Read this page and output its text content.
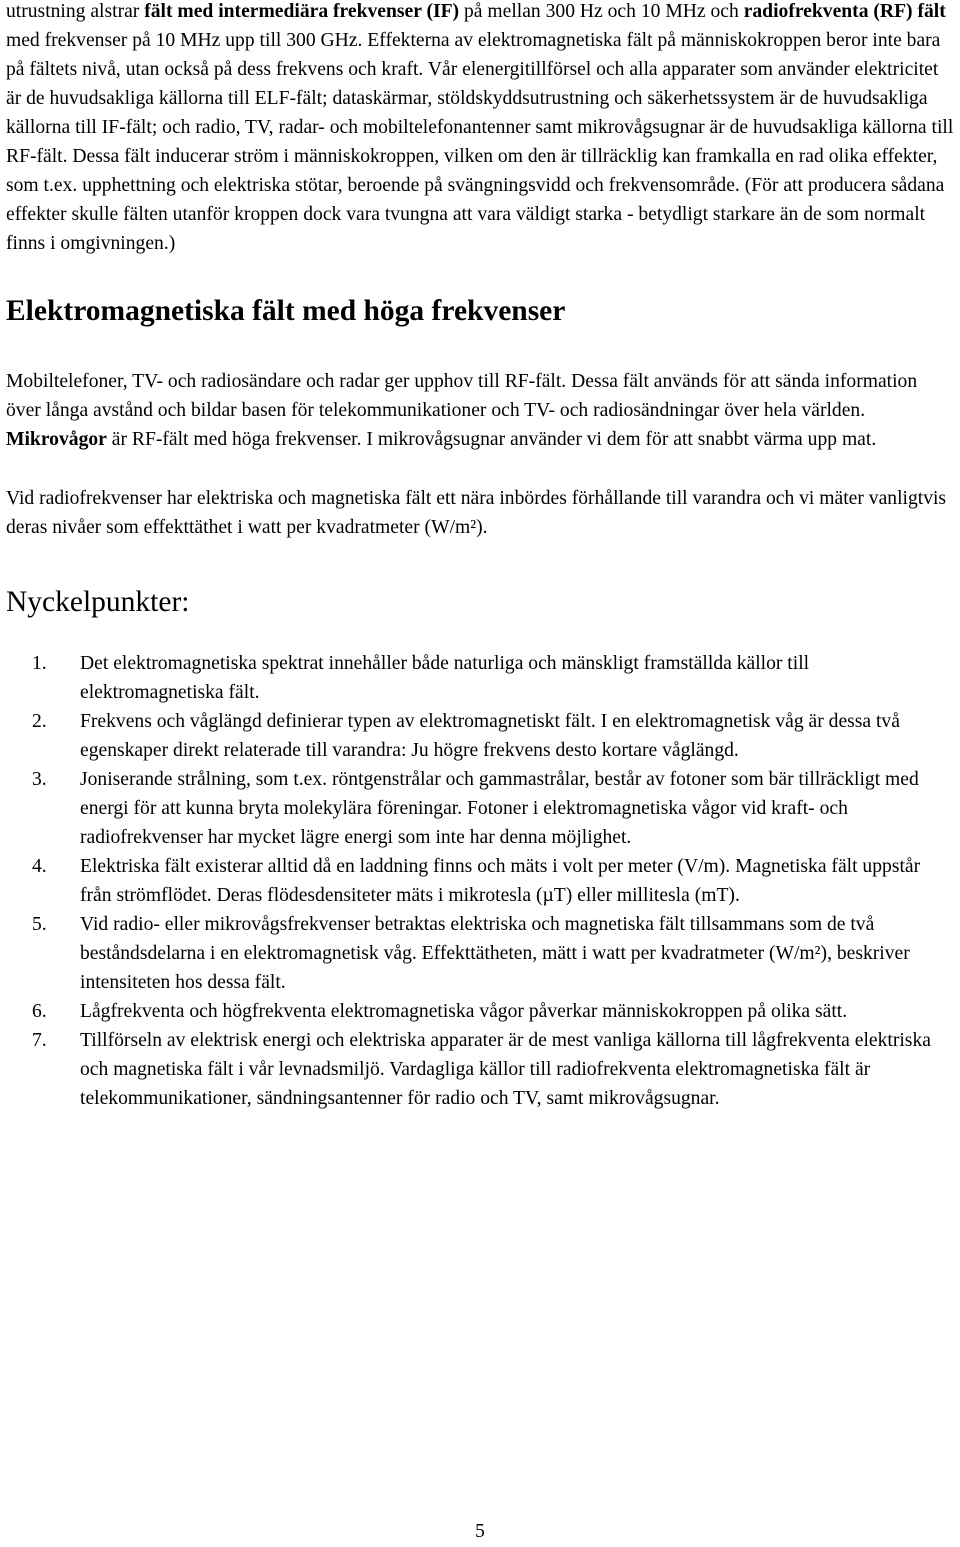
utrustning alstrar fält med intermediära frekvenser (IF) på mellan 300 Hz och 10 MHz och radiofrekventa (RF) fält med frekvenser på 10 MHz upp till 300 GHz. Effekterna av elektromagnetiska fält på människokroppen beror inte bara på fältets nivå, utan också på dess frekvens och kraft. Vår elenergitillförsel och alla apparater som använder elektricitet är de huvudsakliga källorna till ELF-fält; dataskärmar, stöldskyddsutrustning och säkerhetssystem är de huvudsakliga källorna till IF-fält; och radio, TV, radar- och mobiltelefonantenner samt mikrovågsugnar är de huvudsakliga källorna till RF-fält. Dessa fält inducerar ström i människokroppen, vilken om den är tillräcklig kan framkalla en rad olika effekter, som t.ex. upphettning och elektriska stötar, beroende på svängningsvidd och frekvensområde. (För att producera sådana effekter skulle fälten utanför kroppen dock vara tvungna att vara väldigt starka - betydligt starkare än de som normalt finns i omgivningen.)

Elektromagnetiska fält med höga frekvenser

Mobiltelefoner, TV- och radiosändare och radar ger upphov till RF-fält. Dessa fält används för att sända information över långa avstånd och bildar basen för telekommunikationer och TV- och radiosändningar över hela världen. Mikrovågor är RF-fält med höga frekvenser. I mikrovågsugnar använder vi dem för att snabbt värma upp mat.

Vid radiofrekvenser har elektriska och magnetiska fält ett nära inbördes förhållande till varandra och vi mäter vanligtvis deras nivåer som effekttäthet i watt per kvadratmeter (W/m²).

Nyckelpunkter:
1.	Det elektromagnetiska spektrat innehåller både naturliga och mänskligt framställda källor till elektromagnetiska fält.
2.	Frekvens och våglängd definierar typen av elektromagnetiskt fält. I en elektromagnetisk våg är dessa två egenskaper direkt relaterade till varandra: Ju högre frekvens desto kortare våglängd.
3.	Joniserande strålning, som t.ex. röntgenstrålar och gammastrålar, består av fotoner som bär tillräckligt med energi för att kunna bryta molekylära föreningar. Fotoner i elektromagnetiska vågor vid kraft- och radiofrekvenser har mycket lägre energi som inte har denna möjlighet.
4.	Elektriska fält existerar alltid då en laddning finns och mäts i volt per meter (V/m). Magnetiska fält uppstår från strömflödet. Deras flödesdensiteter mäts i mikrotesla (µT) eller millitesla (mT).
5.	Vid radio- eller mikrovågsfrekvenser betraktas elektriska och magnetiska fält tillsammans som de två beståndsdelarna i en elektromagnetisk våg. Effekttätheten, mätt i watt per kvadratmeter (W/m²), beskriver intensiteten hos dessa fält.
6.	Lågfrekventa och högfrekventa elektromagnetiska vågor påverkar människokroppen på olika sätt.
7.	Tillförseln av elektrisk energi och elektriska apparater är de mest vanliga källorna till lågfrekventa elektriska och magnetiska fält i vår levnadsmiljö. Vardagliga källor till radiofrekventa elektromagnetiska fält är telekommunikationer, sändningsantenner för radio och TV, samt mikrovågsugnar.
5
